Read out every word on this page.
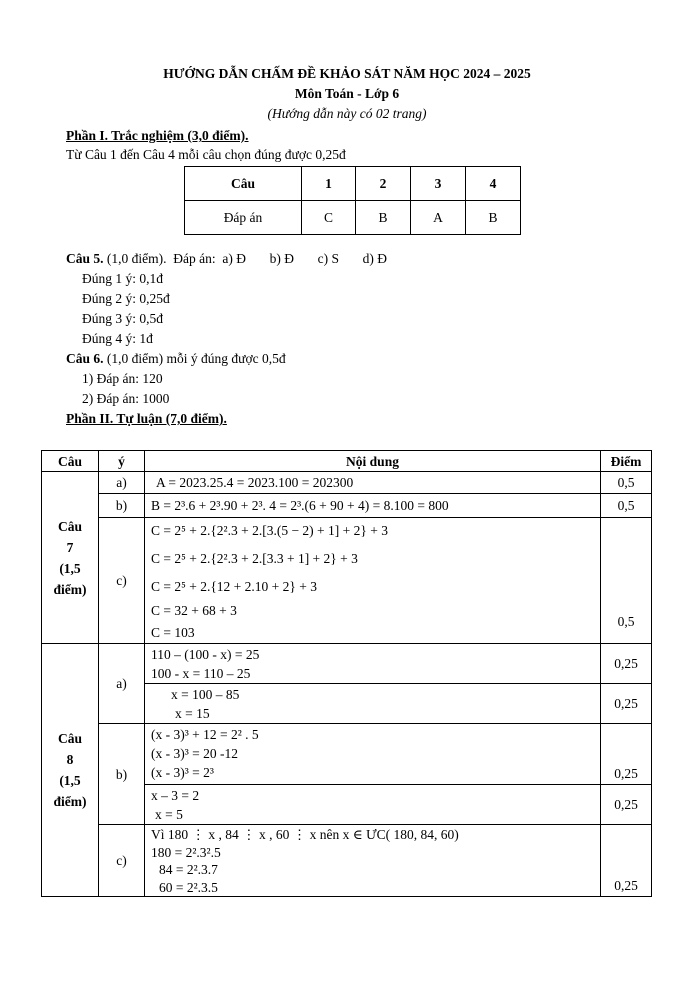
HƯỚNG DẪN CHẤM ĐỀ KHẢO SÁT NĂM HỌC 2024 – 2025
Môn Toán - Lớp 6
(Hướng dẫn này có 02 trang)
Phần I. Trắc nghiệm (3,0 điểm).
Từ Câu 1 đến Câu 4 mỗi câu chọn đúng được 0,25đ
Câu	1	2	3	4
Đáp án	C	B	A	B
Câu 5. (1,0 điểm).  Đáp án:  a) Đ       b) Đ       c) S       d) Đ
Đúng 1 ý: 0,1đ
Đúng 2 ý: 0,25đ
Đúng 3 ý: 0,5đ
Đúng 4 ý: 1đ
Câu 6. (1,0 điểm) mỗi ý đúng được 0,5đ
1) Đáp án: 120
2) Đáp án: 1000
Phần II. Tự luận (7,0 điểm).
Câu	ý	Nội dung	Điểm

Câu
7
(1,5
điểm)	a)	A = 2023.25.4 = 2023.100 = 202300	0,5
	b)	B = 2³.6 + 2³.90 + 2³. 4 = 2³.(6 + 90 + 4) = 8.100 = 800	0,5
	c)	C = 2⁵ + 2.{2².3 + 2.[3.(5 − 2) + 1] + 2} + 3
C = 2⁵ + 2.{2².3 + 2.[3.3 + 1] + 2} + 3
C = 2⁵ + 2.{12 + 2.10 + 2} + 3
C = 32 + 68 + 3
C = 103	0,5

Câu
8
(1,5
điểm)	a)	110 – (100 - x) = 25
100 - x = 110 – 25	0,25

		x = 100 – 85
x = 15	0,25
	b)	(x - 3)³ + 12 = 2² . 5
(x - 3)³ = 20 -12
(x - 3)³ = 2³	0,25

		x – 3 = 2
x = 5	0,25
	c)	Vì 180 ⋮ x , 84 ⋮ x , 60 ⋮ x nên x ∈ ƯC( 180, 84, 60)
180 = 2².3².5
84 = 2².3.7
60 = 2².3.5	0,25
